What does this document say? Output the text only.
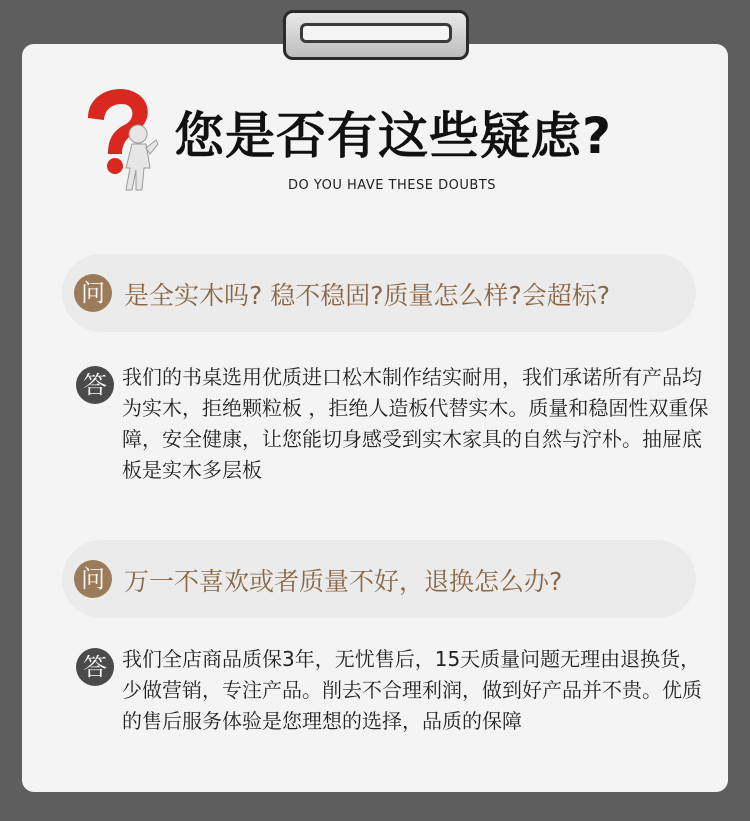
您是否有这些疑虑?
DO YOU HAVE THESE DOUBTS
问 是全实木吗? 稳不稳固?质量怎么样?会超标?
答 我们的书桌选用优质进口松木制作结实耐用，我们承诺所有产品均为实木，拒绝颗粒板 ，拒绝人造板代替实木。质量和稳固性双重保障，安全健康，让您能切身感受到实木家具的自然与泞朴。抽屉底板是实木多层板
问 万一不喜欢或者质量不好，退换怎么办?
答 我们全店商品质保3年，无忧售后，15天质量问题无理由退换货，少做营销，专注产品。削去不合理利润，做到好产品并不贵。优质的售后服务体验是您理想的选择，品质的保障
